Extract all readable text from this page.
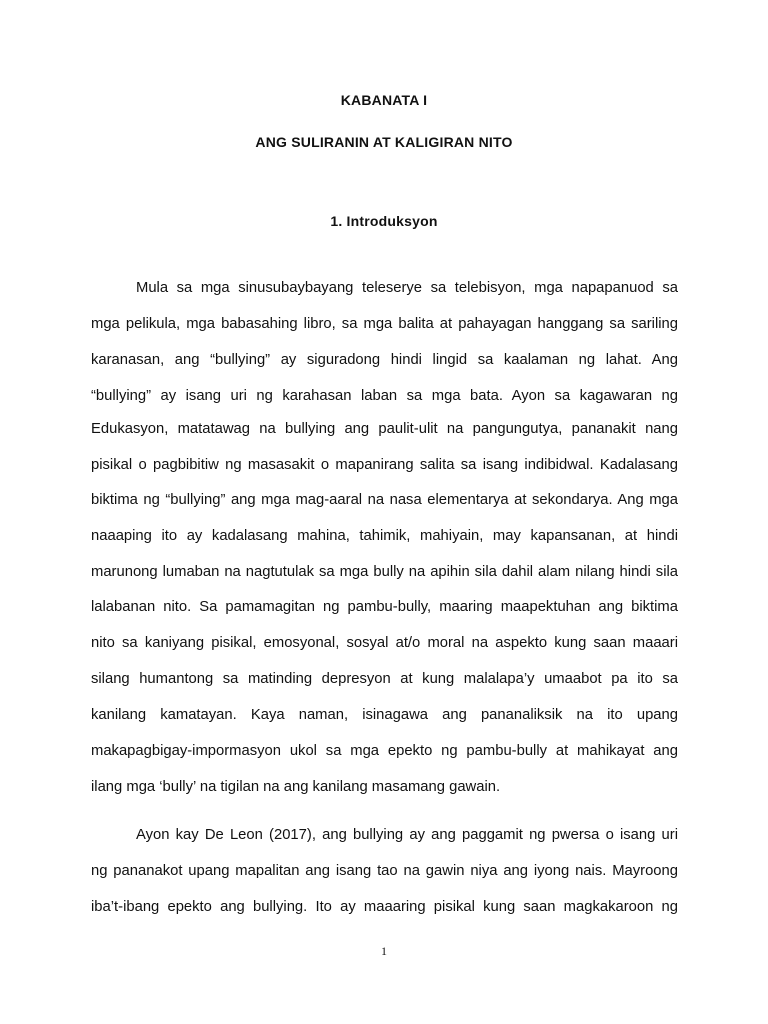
KABANATA I
ANG SULIRANIN AT KALIGIRAN NITO
1. Introduksyon
Mula sa mga sinusubaybayang teleserye sa telebisyon, mga napapanuod sa
mga pelikula, mga babasahing libro, sa mga balita at pahayagan hanggang sa sariling
karanasan, ang “bullying” ay siguradong hindi lingid sa kaalaman ng lahat. Ang
“bullying” ay isang uri ng karahasan laban sa mga bata. Ayon sa kagawaran ng
Edukasyon, matatawag na bullying ang paulit-ulit na pangungutya, pananakit nang
pisikal o pagbibitiw ng masasakit o mapanirang salita sa isang indibidwal. Kadalasang
biktima ng “bullying” ang mga mag-aaral na nasa elementarya at sekondarya. Ang mga
naaaping ito ay kadalasang mahina, tahimik, mahiyain, may kapansanan, at hindi
marunong lumaban na nagtutulak sa mga bully na apihin sila dahil alam nilang hindi sila
lalabanan nito. Sa pamamagitan ng pambu-bully, maaring maapektuhan ang biktima
nito sa kaniyang pisikal, emosyonal, sosyal at/o moral na aspekto kung saan maaari
silang humantong sa matinding depresyon at kung malalapa’y umaabot pa ito sa
kanilang kamatayan. Kaya naman, isinagawa ang pananaliksik na ito upang
makapagbigay-impormasyon ukol sa mga epekto ng pambu-bully at mahikayat ang
ilang mga ‘bully’ na tigilan na ang kanilang masamang gawain.
Ayon kay De Leon (2017), ang bullying ay ang paggamit ng pwersa o isang uri
ng pananakot upang mapalitan ang isang tao na gawin niya ang iyong nais. Mayroong
iba’t-ibang epekto ang bullying. Ito ay maaaring pisikal kung saan magkakaroon ng
1
